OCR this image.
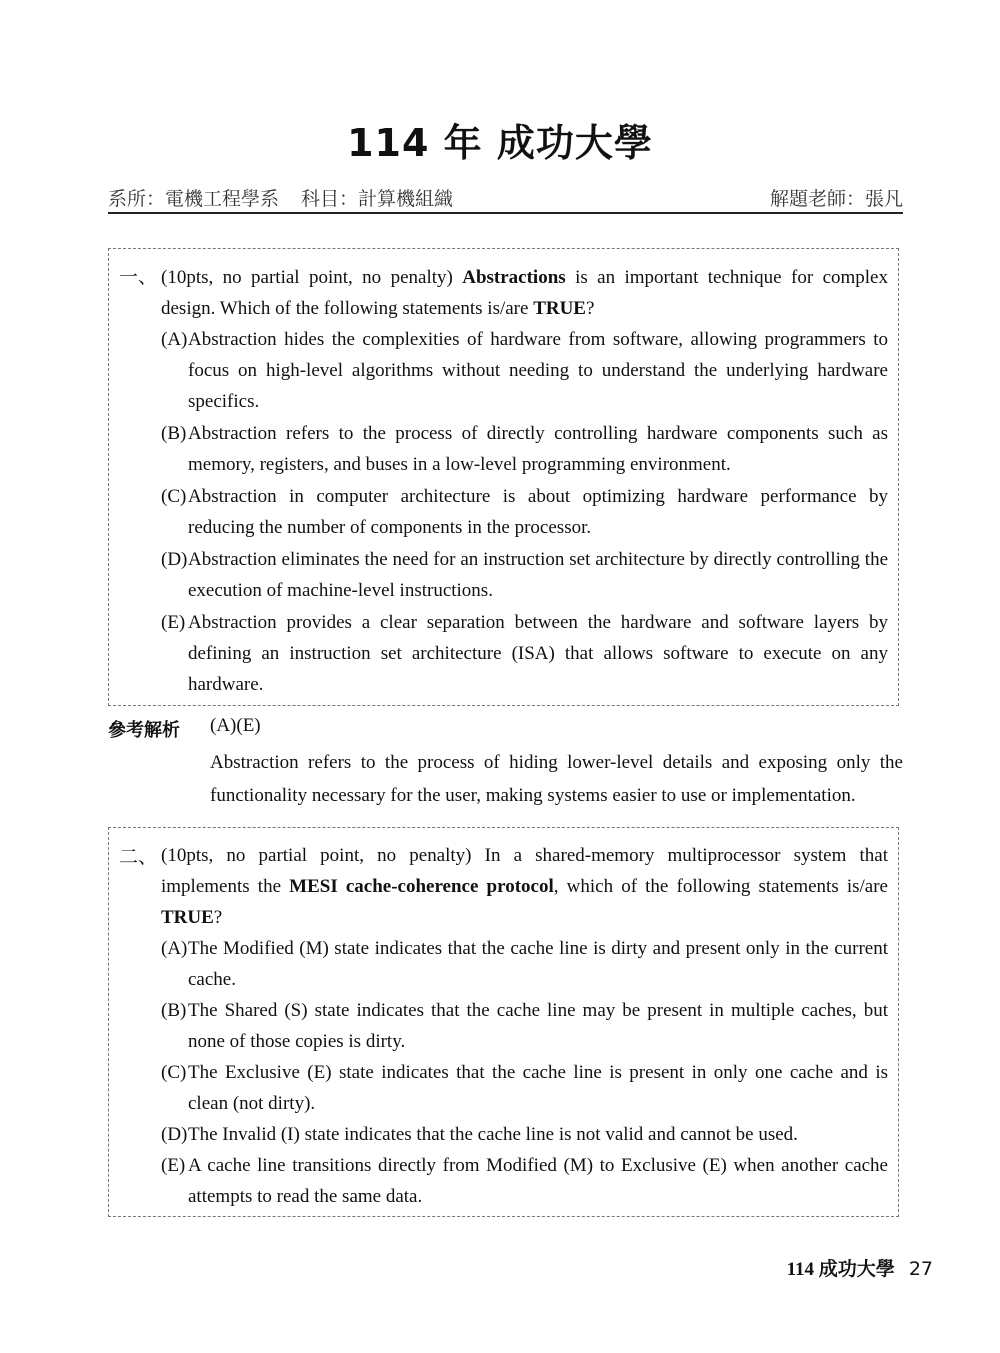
114 年 成功大學
系所：電機工程學系 科目：計算機組織	解題老師：張凡
一、 (10pts, no partial point, no penalty) Abstractions is an important technique for complex design. Which of the following statements is/are TRUE?
(A) Abstraction hides the complexities of hardware from software, allowing programmers to focus on high-level algorithms without needing to understand the underlying hardware specifics.
(B) Abstraction refers to the process of directly controlling hardware components such as memory, registers, and buses in a low-level programming environment.
(C) Abstraction in computer architecture is about optimizing hardware performance by reducing the number of components in the processor.
(D) Abstraction eliminates the need for an instruction set architecture by directly controlling the execution of machine-level instructions.
(E) Abstraction provides a clear separation between the hardware and software layers by defining an instruction set architecture (ISA) that allows software to execute on any hardware.
參考解析 (A)(E)
Abstraction refers to the process of hiding lower-level details and exposing only the functionality necessary for the user, making systems easier to use or implementation.
二、 (10pts, no partial point, no penalty) In a shared-memory multiprocessor system that implements the MESI cache-coherence protocol, which of the following statements is/are TRUE?
(A) The Modified (M) state indicates that the cache line is dirty and present only in the current cache.
(B) The Shared (S) state indicates that the cache line may be present in multiple caches, but none of those copies is dirty.
(C) The Exclusive (E) state indicates that the cache line is present in only one cache and is clean (not dirty).
(D) The Invalid (I) state indicates that the cache line is not valid and cannot be used.
(E) A cache line transitions directly from Modified (M) to Exclusive (E) when another cache attempts to read the same data.
114 成功大學 27
